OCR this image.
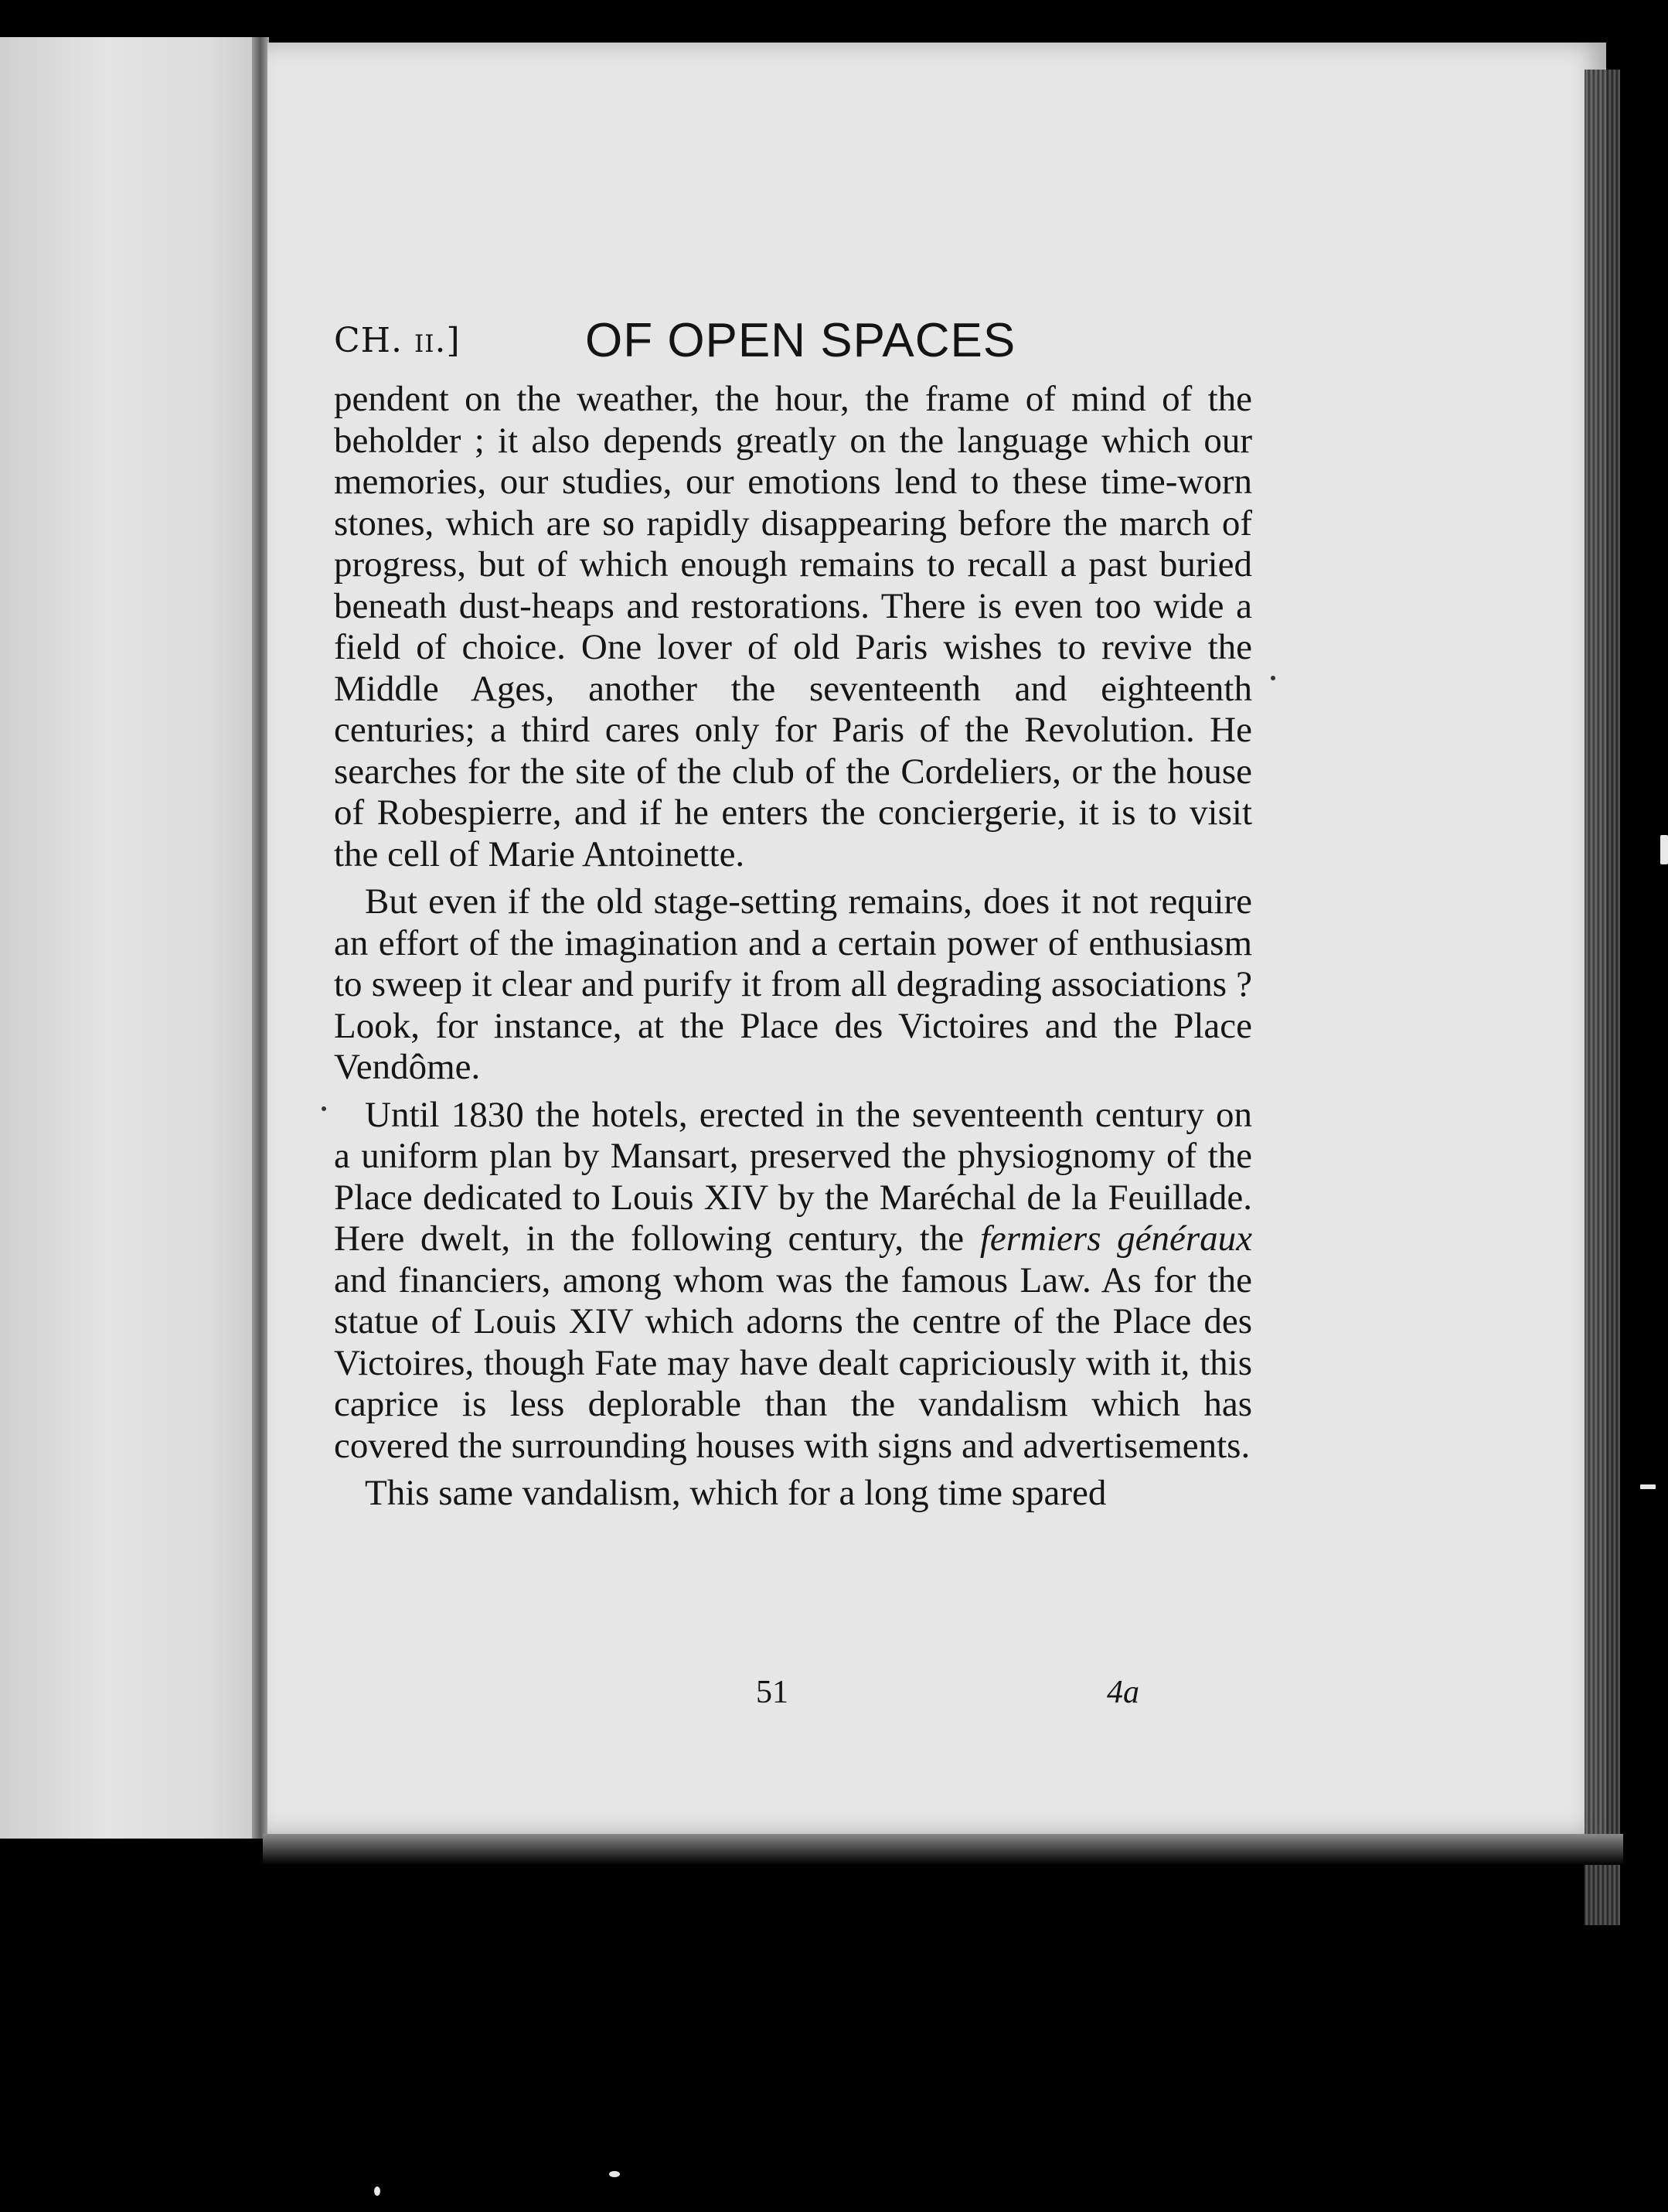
CH. ii.]	OF OPEN SPACES

pendent on the weather, the hour, the frame of mind of the beholder ; it also depends greatly on the language which our memories, our studies, our emotions lend to these time-worn stones, which are so rapidly disappearing before the march of progress, but of which enough remains to recall a past buried beneath dust-heaps and restorations. There is even too wide a field of choice. One lover of old Paris wishes to revive the Middle Ages, another the seventeenth and eighteenth centuries; a third cares only for Paris of the Revolution. He searches for the site of the club of the Cordeliers, or the house of Robespierre, and if he enters the conciergerie, it is to visit the cell of Marie Antoinette.

But even if the old stage-setting remains, does it not require an effort of the imagination and a certain power of enthusiasm to sweep it clear and purify it from all degrading associations ? Look, for instance, at the Place des Victoires and the Place Vendôme.

Until 1830 the hotels, erected in the seventeenth century on a uniform plan by Mansart, preserved the physiognomy of the Place dedicated to Louis XIV by the Maréchal de la Feuillade. Here dwelt, in the following century, the fermiers généraux and financiers, among whom was the famous Law. As for the statue of Louis XIV which adorns the centre of the Place des Victoires, though Fate may have dealt capriciously with it, this caprice is less deplorable than the vandalism which has covered the surrounding houses with signs and advertisements.

This same vandalism, which for a long time spared

51	4a
